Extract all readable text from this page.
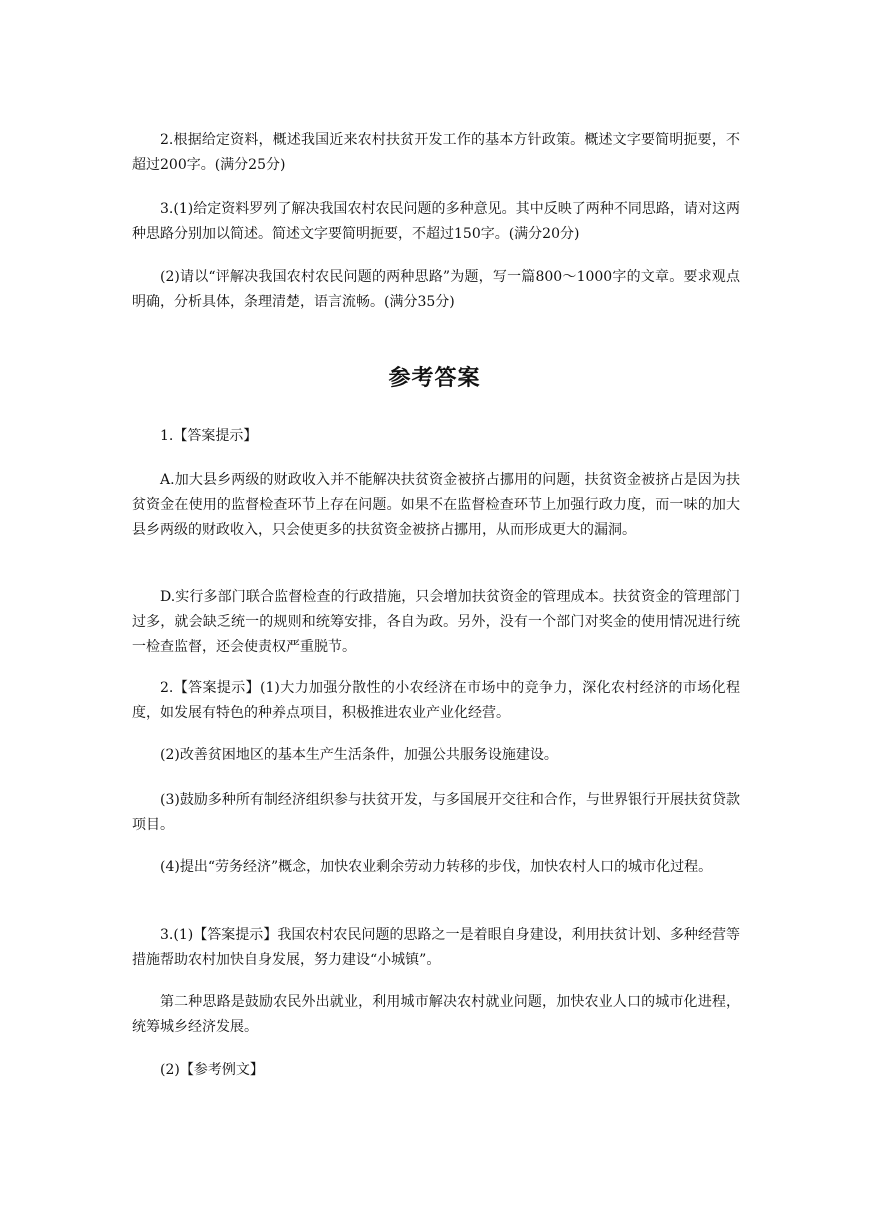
2.根据给定资料，概述我国近来农村扶贫开发工作的基本方针政策。概述文字要简明扼要，不超过200字。(满分25分)

3.(1)给定资料罗列了解决我国农村农民问题的多种意见。其中反映了两种不同思路，请对这两种思路分别加以简述。简述文字要简明扼要，不超过150字。(满分20分)

(2)请以“评解决我国农村农民问题的两种思路”为题，写一篇800～1000字的文章。要求观点明确，分析具体，条理清楚，语言流畅。(满分35分)

参考答案

1.【答案提示】

A.加大县乡两级的财政收入并不能解决扶贫资金被挤占挪用的问题，扶贫资金被挤占是因为扶贫资金在使用的监督检查环节上存在问题。如果不在监督检查环节上加强行政力度，而一味的加大县乡两级的财政收入，只会使更多的扶贫资金被挤占挪用，从而形成更大的漏洞。

D.实行多部门联合监督检查的行政措施，只会增加扶贫资金的管理成本。扶贫资金的管理部门过多，就会缺乏统一的规则和统筹安排，各自为政。另外，没有一个部门对奖金的使用情况进行统一检查监督，还会使责权严重脱节。

2.【答案提示】(1)大力加强分散性的小农经济在市场中的竞争力，深化农村经济的市场化程度，如发展有特色的种养点项目，积极推进农业产业化经营。

(2)改善贫困地区的基本生产生活条件，加强公共服务设施建设。

(3)鼓励多种所有制经济组织参与扶贫开发，与多国展开交往和合作，与世界银行开展扶贫贷款项目。

(4)提出“劳务经济”概念，加快农业剩余劳动力转移的步伐，加快农村人口的城市化过程。

3.(1)【答案提示】我国农村农民问题的思路之一是着眼自身建设，利用扶贫计划、多种经营等措施帮助农村加快自身发展，努力建设“小城镇”。

第二种思路是鼓励农民外出就业，利用城市解决农村就业问题，加快农业人口的城市化进程，统筹城乡经济发展。

(2)【参考例文】
